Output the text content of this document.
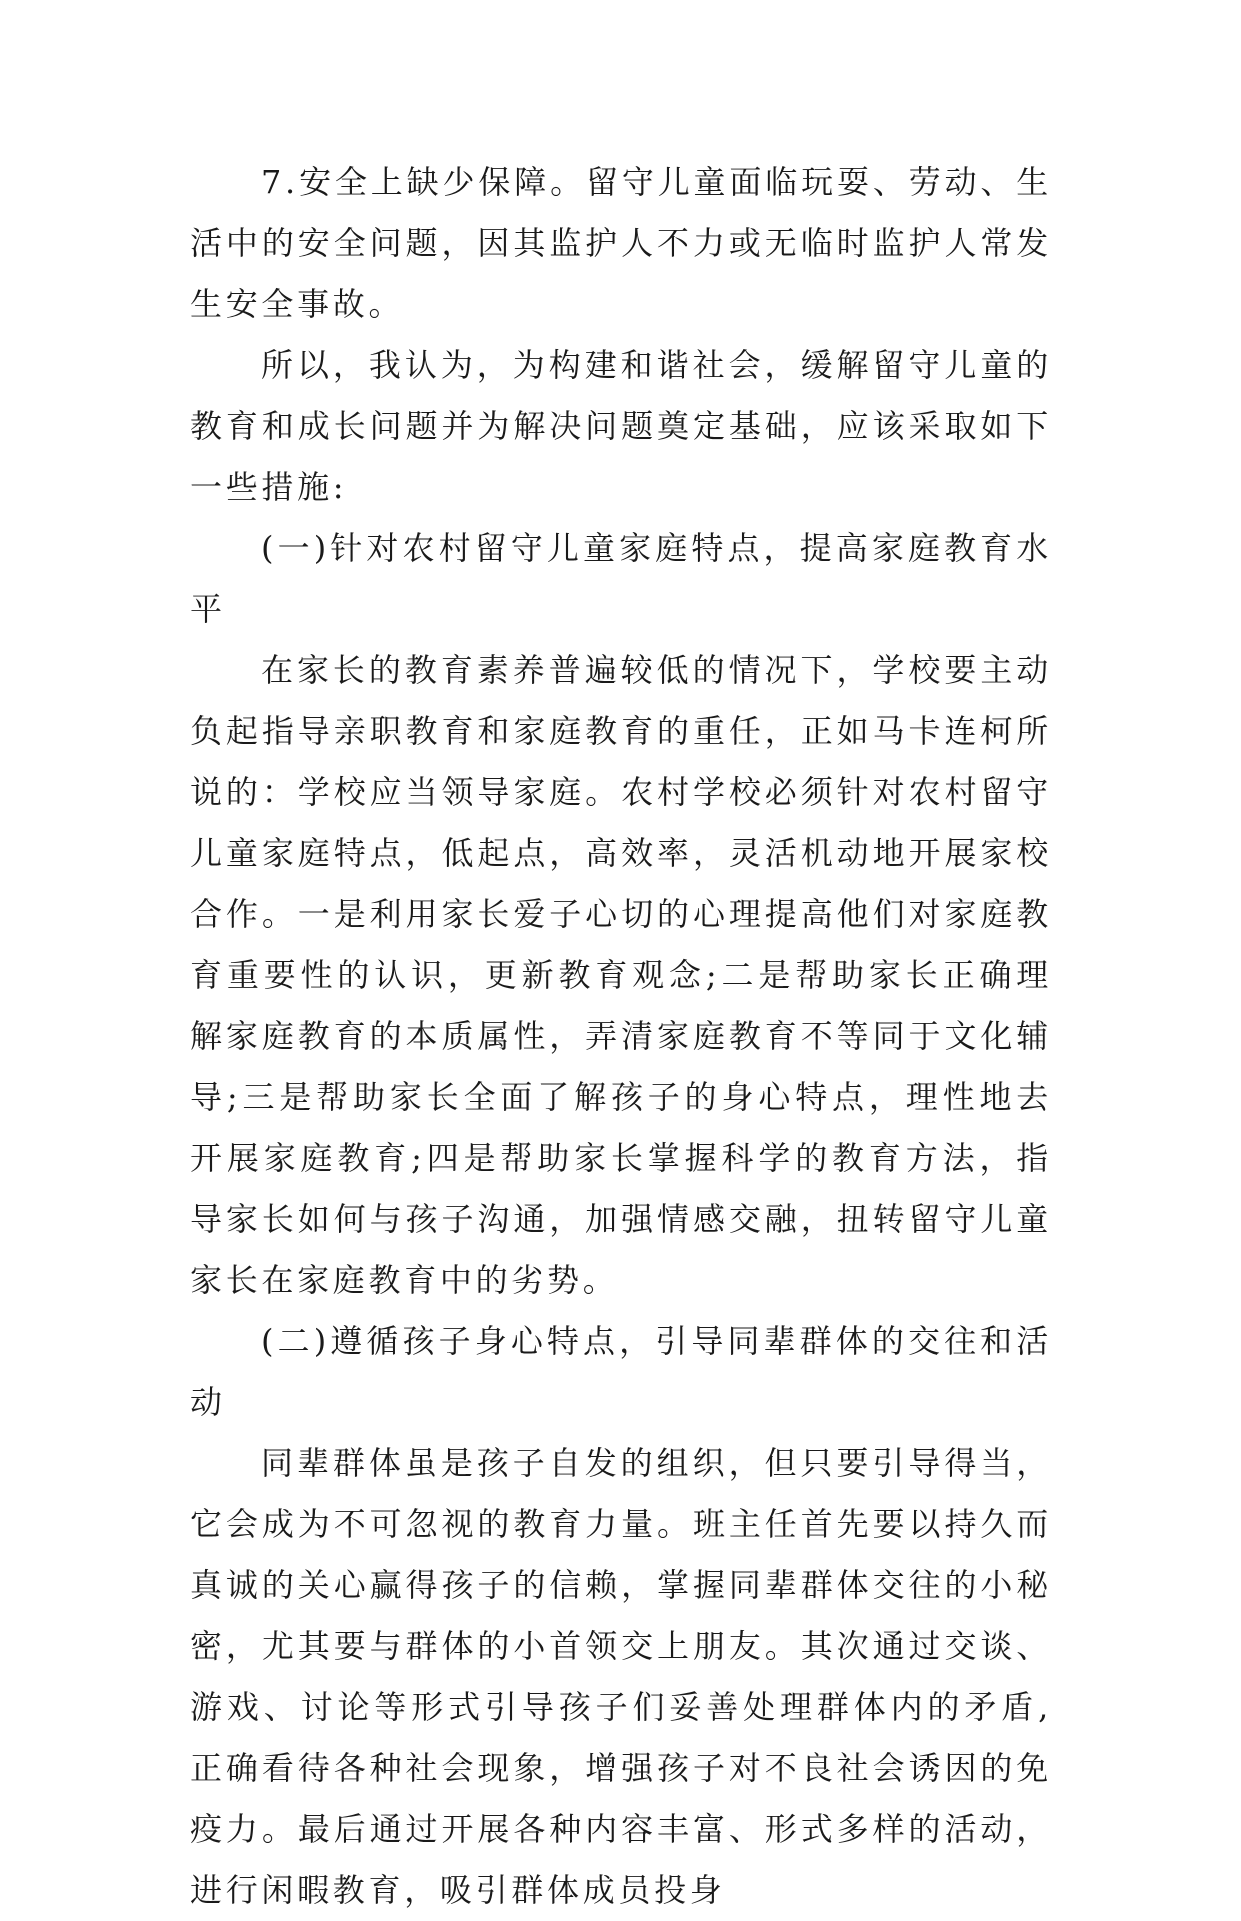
7.安全上缺少保障。留守儿童面临玩耍、劳动、生活中的安全问题，因其监护人不力或无临时监护人常发生安全事故。

所以，我认为，为构建和谐社会，缓解留守儿童的教育和成长问题并为解决问题奠定基础，应该采取如下一些措施:

(一)针对农村留守儿童家庭特点，提高家庭教育水平

在家长的教育素养普遍较低的情况下，学校要主动负起指导亲职教育和家庭教育的重任，正如马卡连柯所说的：学校应当领导家庭。农村学校必须针对农村留守儿童家庭特点，低起点，高效率，灵活机动地开展家校合作。一是利用家长爱子心切的心理提高他们对家庭教育重要性的认识，更新教育观念;二是帮助家长正确理解家庭教育的本质属性，弄清家庭教育不等同于文化辅导;三是帮助家长全面了解孩子的身心特点，理性地去开展家庭教育;四是帮助家长掌握科学的教育方法，指导家长如何与孩子沟通，加强情感交融，扭转留守儿童家长在家庭教育中的劣势。

(二)遵循孩子身心特点，引导同辈群体的交往和活动

同辈群体虽是孩子自发的组织，但只要引导得当，它会成为不可忽视的教育力量。班主任首先要以持久而真诚的关心赢得孩子的信赖，掌握同辈群体交往的小秘密，尤其要与群体的小首领交上朋友。其次通过交谈、游戏、讨论等形式引导孩子们妥善处理群体内的矛盾,正确看待各种社会现象，增强孩子对不良社会诱因的免疫力。最后通过开展各种内容丰富、形式多样的活动，进行闲暇教育，吸引群体成员投身
